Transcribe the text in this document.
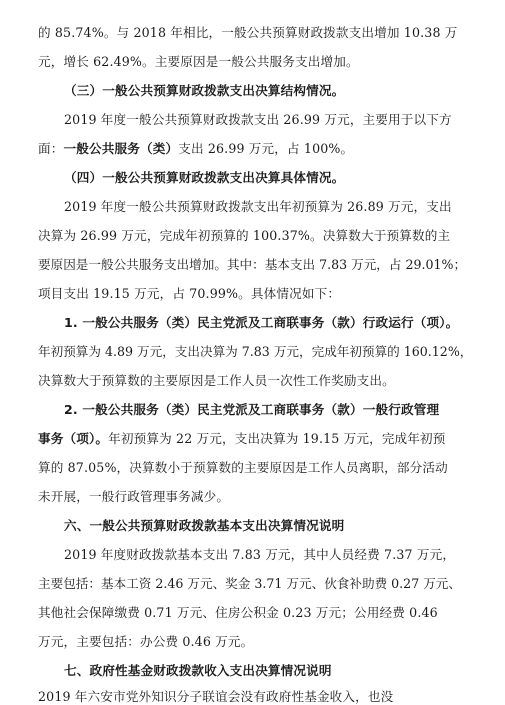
的 85.74%。与 2018 年相比，一般公共预算财政拨款支出增加 10.38 万
元，增长 62.49%。主要原因是一般公共服务支出增加。
（三）一般公共预算财政拨款支出决算结构情况。
2019 年度一般公共预算财政拨款支出 26.99 万元，主要用于以下方
面：一般公共服务（类）支出 26.99 万元，占 100%。
（四）一般公共预算财政拨款支出决算具体情况。
2019 年度一般公共预算财政拨款支出年初预算为 26.89 万元，支出
决算为 26.99 万元，完成年初预算的 100.37%。决算数大于预算数的主
要原因是一般公共服务支出增加。其中：基本支出 7.83 万元，占 29.01%；
项目支出 19.15 万元，占 70.99%。具体情况如下：
1. 一般公共服务（类）民主党派及工商联事务（款）行政运行（项）。
年初预算为 4.89 万元，支出决算为 7.83 万元，完成年初预算的 160.12%，
决算数大于预算数的主要原因是工作人员一次性工作奖励支出。
2. 一般公共服务（类）民主党派及工商联事务（款）一般行政管理
事务（项）。年初预算为 22 万元，支出决算为 19.15 万元，完成年初预
算的 87.05%，决算数小于预算数的主要原因是工作人员离职，部分活动
未开展，一般行政管理事务减少。
六、一般公共预算财政拨款基本支出决算情况说明
2019 年度财政拨款基本支出 7.83 万元，其中人员经费 7.37 万元，
主要包括：基本工资 2.46 万元、奖金 3.71 万元、伙食补助费 0.27 万元、
其他社会保障缴费 0.71 万元、住房公积金 0.23 万元；公用经费 0.46
万元，主要包括：办公费 0.46 万元。
七、政府性基金财政拨款收入支出决算情况说明
2019 年六安市党外知识分子联谊会没有政府性基金收入，也没
